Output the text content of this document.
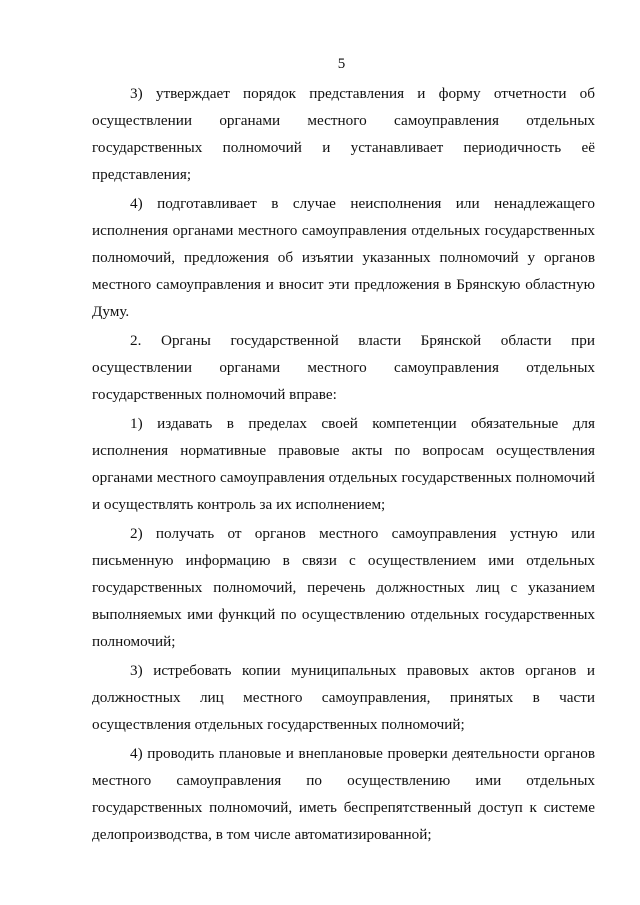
5

3) утверждает порядок представления и форму отчетности об осуществлении органами местного самоуправления отдельных государственных полномочий и устанавливает периодичность её представления;

4) подготавливает в случае неисполнения или ненадлежащего исполнения органами местного самоуправления отдельных государственных полномочий, предложения об изъятии указанных полномочий у органов местного самоуправления и вносит эти предложения в Брянскую областную Думу.

2. Органы государственной власти Брянской области при осуществлении органами местного самоуправления отдельных государственных полномочий вправе:

1) издавать в пределах своей компетенции обязательные для исполнения нормативные правовые акты по вопросам осуществления органами местного самоуправления отдельных государственных полномочий и осуществлять контроль за их исполнением;

2) получать от органов местного самоуправления устную или письменную информацию в связи с осуществлением ими отдельных государственных полномочий, перечень должностных лиц с указанием выполняемых ими функций по осуществлению отдельных государственных полномочий;

3) истребовать копии муниципальных правовых актов органов и должностных лиц местного самоуправления, принятых в части осуществления отдельных государственных полномочий;

4) проводить плановые и внеплановые проверки деятельности органов местного самоуправления по осуществлению ими отдельных государственных полномочий, иметь беспрепятственный доступ к системе делопроизводства, в том числе автоматизированной;
